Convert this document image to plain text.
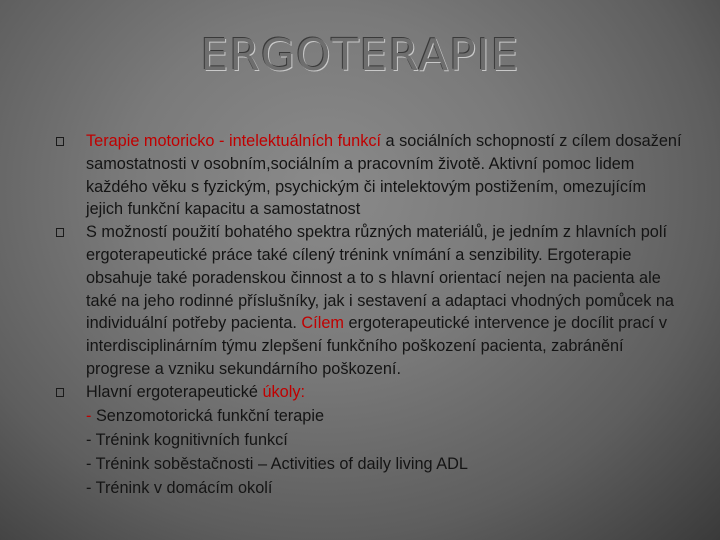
ERGOTERAPIE
Terapie motoricko - intelektuálních funkcí a sociálních schopností z cílem dosažení samostatnosti v osobním,sociálním a pracovním životě. Aktivní pomoc lidem každého věku s fyzickým, psychickým či intelektovým postižením, omezujícím jejich funkční kapacitu a samostatnost
S možností použití bohatého spektra různých materiálů, je jedním z hlavních polí ergoterapeutické práce také cílený trénink vnímání a senzibility. Ergoterapie obsahuje také poradenskou činnost a to s hlavní orientací nejen na pacienta ale také na jeho rodinné příslušníky, jak i sestavení a adaptaci vhodných pomůcek na individuální potřeby pacienta. Cílem ergoterapeutické intervence je docílit prací v interdisciplinárním týmu zlepšení funkčního poškození pacienta, zabránění progrese a vzniku sekundárního poškození.
Hlavní ergoterapeutické úkoly:
- Senzomotorická funkční terapie
- Trénink kognitivních funkcí
- Trénink soběstačnosti – Activities of daily living ADL
- Trénink v domácím okolí
